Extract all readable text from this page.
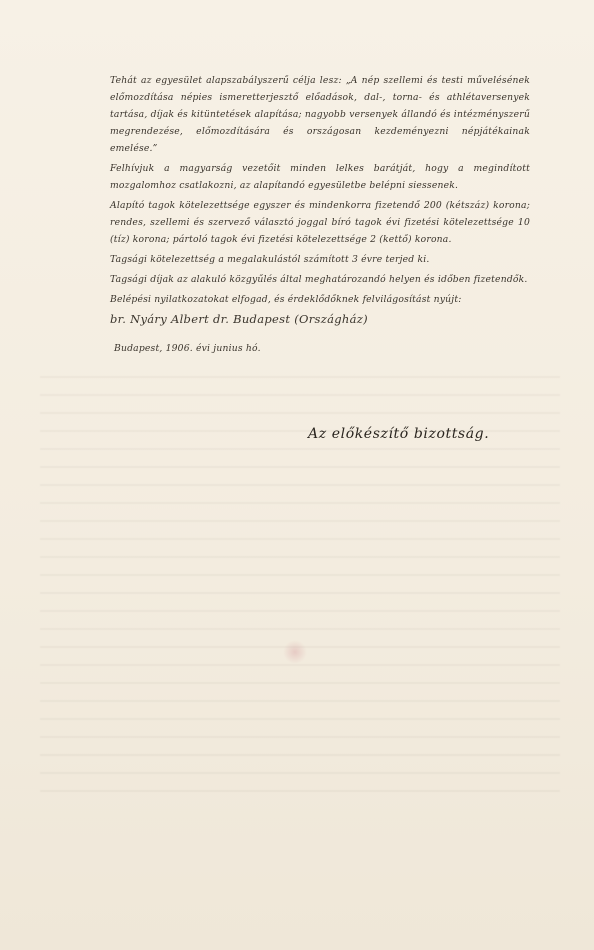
Tehát az egyesület alapszabályszerű célja lesz: „A nép szellemi és testi művelésének előmozdítása népies ismeretterjesztő előadások, dal-, torna- és athlétaversenyek tartása, díjak és kitüntetések alapítása; nagyobb versenyek állandó és intézményszerű megrendezése, előmozdítására és országosan kezdeményezni népjátékainak emelése.”

Felhívjuk a magyarság vezetőit minden lelkes barátját, hogy a megindított mozgalomhoz csatlakozni, az alapítandó egyesületbe belépni siessenek.

Alapító tagok kötelezettsége egyszer és mindenkorra fizetendő 200 (kétszáz) korona; rendes, szellemi és szervező választó joggal bíró tagok évi fizetési kötelezettsége 10 (tíz) korona; pártoló tagok évi fizetési kötelezettsége 2 (kettő) korona.

Tagsági kötelezettség a megalakulástól számított 3 évre terjed ki.

Tagsági díjak az alakuló közgyűlés által meghatározandó helyen és időben fizetendők.

Belépési nyilatkozatokat elfogad, és érdeklődőknek felvilágosítást nyújt:

br. Nyáry Albert dr. Budapest (Országház)

Budapest, 1906. évi junius hó.

Az előkészítő bizottság.
